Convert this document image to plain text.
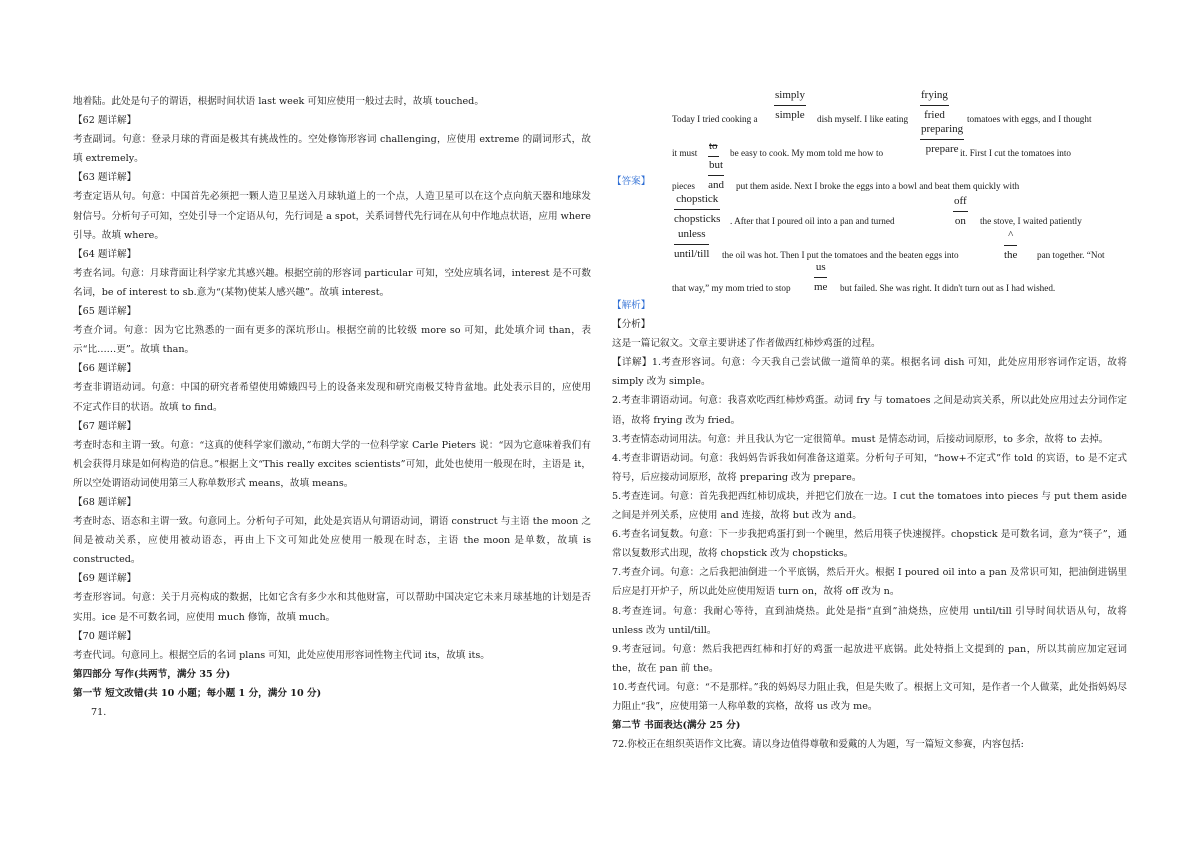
地着陆。此处是句子的谓语，根据时间状语 last week 可知应使用一般过去时，故填 touched。

【62 题详解】

考查副词。句意：登录月球的背面是极其有挑战性的。空处修饰形容词 challenging，应使用 extreme 的副词形式，故填 extremely。

【63 题详解】

考查定语从句。句意：中国首先必须把一颗人造卫星送入月球轨道上的一个点，人造卫星可以在这个点向航天器和地球发射信号。分析句子可知，空处引导一个定语从句，先行词是 a spot，关系词替代先行词在从句中作地点状语，应用 where 引导。故填 where。

【64 题详解】

考查名词。句意：月球背面让科学家尤其感兴趣。根据空前的形容词 particular 可知，空处应填名词，interest 是不可数名词，be of interest to sb.意为“(某物)使某人感兴趣”。故填 interest。

【65 题详解】

考查介词。句意：因为它比熟悉的一面有更多的深坑形山。根据空前的比较级 more so 可知，此处填介词 than，表示“比……更”。故填 than。

【66 题详解】

考查非谓语动词。句意：中国的研究者希望使用嫦娥四号上的设备来发现和研究南极艾特肯盆地。此处表示目的，应使用不定式作目的状语。故填 to find。

【67 题详解】

考查时态和主谓一致。句意：“这真的使科学家们激动，”布朗大学的一位科学家 Carle Pieters 说：“因为它意味着我们有机会获得月球是如何构造的信息。”根据上文“This really excites scientists”可知，此处也使用一般现在时，主语是 it，所以空处谓语动词使用第三人称单数形式 means，故填 means。

【68 题详解】

考查时态、语态和主谓一致。句意同上。分析句子可知，此处是宾语从句谓语动词，谓语 construct 与主语 the moon 之间是被动关系，应使用被动语态，再由上下文可知此处应使用一般现在时态，主语 the moon 是单数，故填 is constructed。

【69 题详解】

考查形容词。句意：关于月亮构成的数据，比如它含有多少水和其他财富，可以帮助中国决定它未来月球基地的计划是否实用。ice 是不可数名词，应使用 much 修饰，故填 much。

【70 题详解】

考查代词。句意同上。根据空后的名词 plans 可知，此处应使用形容词性物主代词 its，故填 its。

第四部分 写作(共两节，满分 35 分)

第一节 短文改错(共 10 小题；每小题 1 分，满分 10 分)

71.

【答案】
Today I tried cooking a
simply
simple dish myself. I like eating
frying
fried	tomatoes with eggs, and I thought
it must
to
be easy to cook. My mom told me how to
preparing
prepare it. First I cut the tomatoes into
but
and
pieces	put them aside. Next I broke the eggs into a bowl and beat them quickly with
chopstick
chopsticks . After that I poured oil into a pan and turned
off
on the stove, I waited patiently
unless
until/till the oil was hot. Then I put the tomatoes and the beaten eggs into
^
the pan together. “Not
that way,” my mom tried to stop
us
me but failed. She was right. It didn't turn out as I had wished.

【解析】

【分析】

这是一篇记叙文。文章主要讲述了作者做西红柿炒鸡蛋的过程。

【详解】1.考查形容词。句意：今天我自己尝试做一道简单的菜。根据名词 dish 可知，此处应用形容词作定语，故将 simply 改为 simple。

2.考查非谓语动词。句意：我喜欢吃西红柿炒鸡蛋。动词 fry 与 tomatoes 之间是动宾关系，所以此处应用过去分词作定语，故将 frying 改为 fried。

3.考查情态动词用法。句意：并且我认为它一定很简单。must 是情态动词，后接动词原形，to 多余，故将 to 去掉。

4.考查非谓语动词。句意：我妈妈告诉我如何准备这道菜。分析句子可知，“how+不定式”作 told 的宾语，to 是不定式符号，后应接动词原形，故将 preparing 改为 prepare。

5.考查连词。句意：首先我把西红柿切成块，并把它们放在一边。I cut the tomatoes into pieces 与 put them aside 之间是并列关系，应使用 and 连接，故将 but 改为 and。

6.考查名词复数。句意：下一步我把鸡蛋打到一个碗里，然后用筷子快速搅拌。chopstick 是可数名词，意为“筷子”，通常以复数形式出现，故将 chopstick 改为 chopsticks。

7.考查介词。句意：之后我把油倒进一个平底锅，然后开火。根据 I poured oil into a pan 及常识可知，把油倒进锅里后应是打开炉子，所以此处应使用短语 turn on，故将 off 改为 n。

8.考查连词。句意：我耐心等待，直到油烧热。此处是指“直到”油烧热，应使用 until/till 引导时间状语从句，故将 unless 改为 until/till。

9.考查冠词。句意：然后我把西红柿和打好的鸡蛋一起放进平底锅。此处特指上文提到的 pan，所以其前应加定冠词 the，故在 pan 前 the。

10.考查代词。句意：“不是那样。”我的妈妈尽力阻止我，但是失败了。根据上文可知，是作者一个人做菜，此处指妈妈尽力阻止“我”，应使用第一人称单数的宾格，故将 us 改为 me。

第二节 书面表达(满分 25 分)

72.你校正在组织英语作文比赛。请以身边值得尊敬和爱戴的人为题，写一篇短文参赛，内容包括:
